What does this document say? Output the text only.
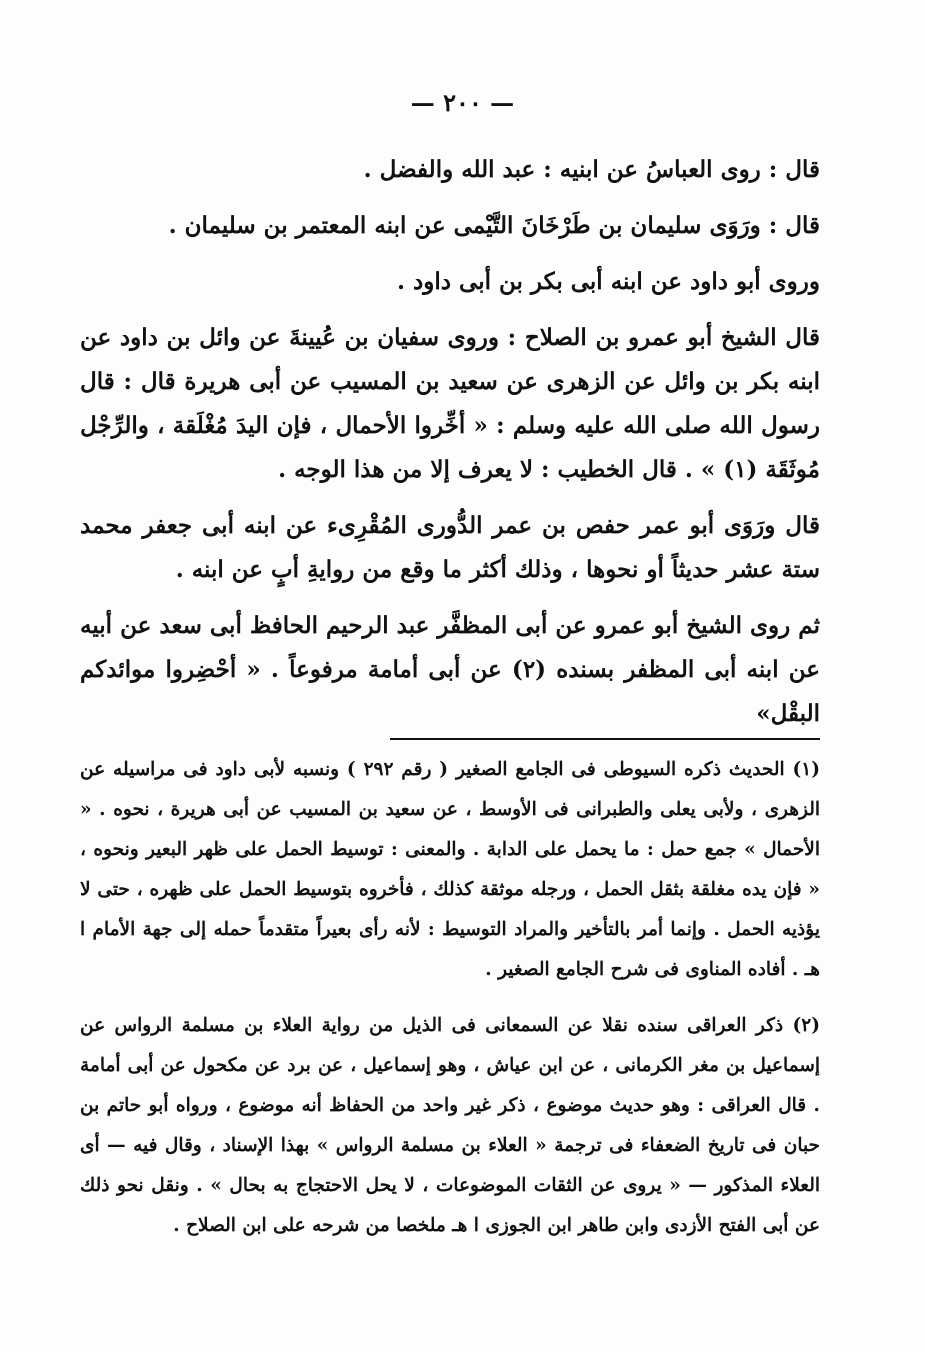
— ٢٠٠ —

قال : روى العباسُ عن ابنيه : عبد الله والفضل .

قال : ورَوَى سليمان بن طَرْخَانَ التَّيْمى عن ابنه المعتمر بن سليمان .

وروى أبو داود عن ابنه أبى بكر بن أبى داود .

قال الشيخ أبو عمرو بن الصلاح : وروى سفيان بن عُيينةَ عن وائل بن داود عن ابنه بكر بن وائل عن الزهرى عن سعيد بن المسيب عن أبى هريرة قال : قال رسول الله صلى الله عليه وسلم : « أخِّروا الأحمال ، فإن اليدَ مُغْلَقة ، والرِّجْل مُوثَقَة (١) » . قال الخطيب : لا يعرف إلا من هذا الوجه .

قال ورَوَى أبو عمر حفص بن عمر الدُّورى المُقْرِىء عن ابنه أبى جعفر محمد ستة عشر حديثاً أو نحوها ، وذلك أكثر ما وقع من روايةِ أبٍ عن ابنه .

ثم روى الشيخ أبو عمرو عن أبى المظفَّر عبد الرحيم الحافظ أبى سعد عن أبيه عن ابنه أبى المظفر بسنده (٢) عن أبى أمامة مرفوعاً . « أحْضِروا موائدكم البقْل»

(١) الحديث ذكره السيوطى فى الجامع الصغير ( رقم ٢٩٢ ) ونسبه لأبى داود فى مراسيله عن الزهرى ، ولأبى يعلى والطبرانى فى الأوسط ، عن سعيد بن المسيب عن أبى هريرة ، نحوه . « الأحمال » جمع حمل : ما يحمل على الدابة . والمعنى : توسيط الحمل على ظهر البعير ونحوه ، « فإن يده مغلقة بثقل الحمل ، ورجله موثقة كذلك ، فأخروه بتوسيط الحمل على ظهره ، حتى لا يؤذيه الحمل . وإنما أمر بالتأخير والمراد التوسيط : لأنه رأى بعيراً متقدماً حمله إلى جهة الأمام ا هـ . أفاده المناوى فى شرح الجامع الصغير .

(٢) ذكر العراقى سنده نقلا عن السمعانى فى الذيل من رواية العلاء بن مسلمة الرواس عن إسماعيل بن مغر الكرمانى ، عن ابن عياش ، وهو إسماعيل ، عن برد عن مكحول عن أبى أمامة . قال العراقى : وهو حديث موضوع ، ذكر غير واحد من الحفاظ أنه موضوع ، ورواه أبو حاتم بن حبان فى تاريخ الضعفاء فى ترجمة « العلاء بن مسلمة الرواس » بهذا الإسناد ، وقال فيه — أى العلاء المذكور — « يروى عن الثقات الموضوعات ، لا يحل الاحتجاج به بحال » . ونقل نحو ذلك عن أبى الفتح الأزدى وابن طاهر ابن الجوزى ا هـ ملخصا من شرحه على ابن الصلاح .
